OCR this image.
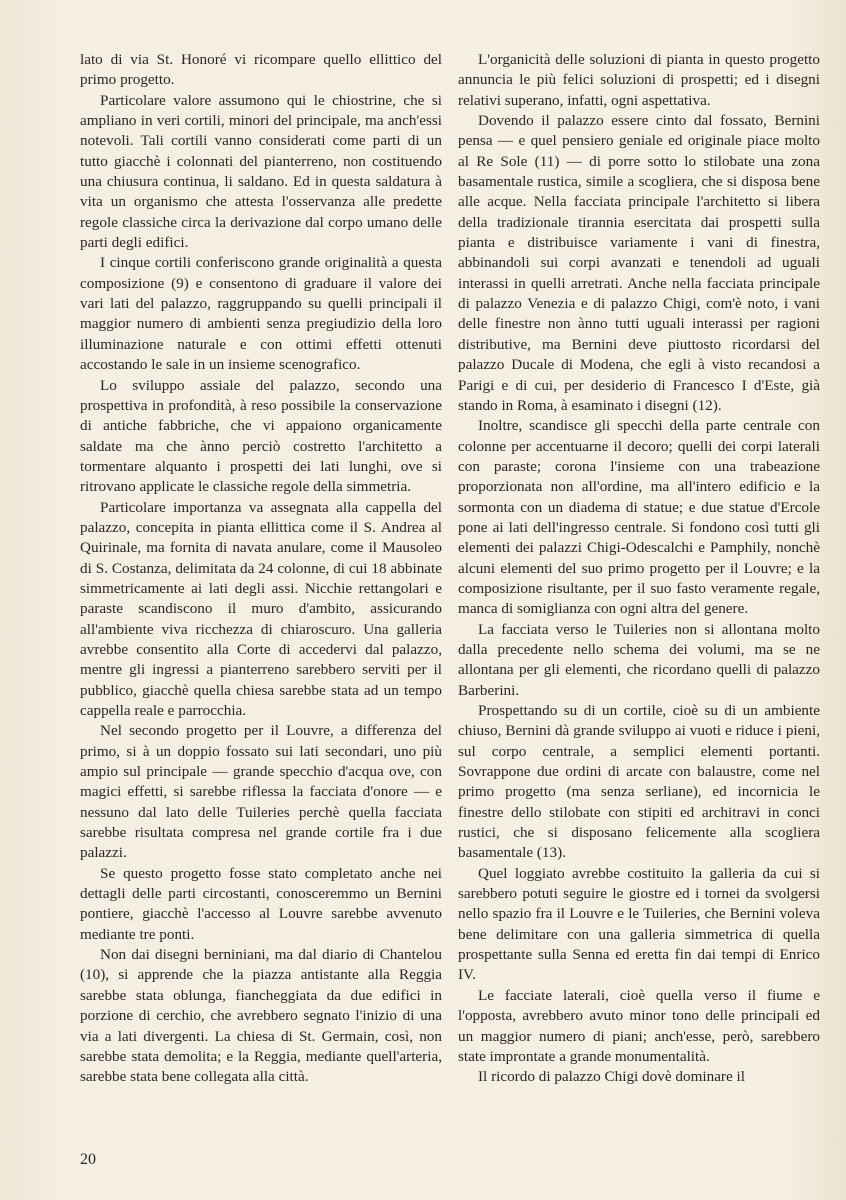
lato di via St. Honoré vi ricompare quello ellittico del primo progetto.

Particolare valore assumono qui le chiostrine, che si ampliano in veri cortili, minori del principale, ma anch'essi notevoli. Tali cortili vanno considerati come parti di un tutto giacchè i colonnati del pianterreno, non costituendo una chiusura continua, li saldano. Ed in questa saldatura à vita un organismo che attesta l'osservanza alle predette regole classiche circa la derivazione dal corpo umano delle parti degli edifici.

I cinque cortili conferiscono grande originalità a questa composizione (9) e consentono di graduare il valore dei vari lati del palazzo, raggruppando su quelli principali il maggior numero di ambienti senza pregiudizio della loro illuminazione naturale e con ottimi effetti ottenuti accostando le sale in un insieme scenografico.

Lo sviluppo assiale del palazzo, secondo una prospettiva in profondità, à reso possibile la conservazione di antiche fabbriche, che vi appaiono organicamente saldate ma che ànno perciò costretto l'architetto a tormentare alquanto i prospetti dei lati lunghi, ove si ritrovano applicate le classiche regole della simmetria.

Particolare importanza va assegnata alla cappella del palazzo, concepita in pianta ellittica come il S. Andrea al Quirinale, ma fornita di navata anulare, come il Mausoleo di S. Costanza, delimitata da 24 colonne, di cui 18 abbinate simmetricamente ai lati degli assi. Nicchie rettangolari e paraste scandiscono il muro d'ambito, assicurando all'ambiente viva ricchezza di chiaroscuro. Una galleria avrebbe consentito alla Corte di accedervi dal palazzo, mentre gli ingressi a pianterreno sarebbero serviti per il pubblico, giacchè quella chiesa sarebbe stata ad un tempo cappella reale e parrocchia.

Nel secondo progetto per il Louvre, a differenza del primo, si à un doppio fossato sui lati secondari, uno più ampio sul principale — grande specchio d'acqua ove, con magici effetti, si sarebbe riflessa la facciata d'onore — e nessuno dal lato delle Tuileries perchè quella facciata sarebbe risultata compresa nel grande cortile fra i due palazzi.

Se questo progetto fosse stato completato anche nei dettagli delle parti circostanti, conosceremmo un Bernini pontiere, giacchè l'accesso al Louvre sarebbe avvenuto mediante tre ponti.

Non dai disegni berniniani, ma dal diario di Chantelou (10), si apprende che la piazza antistante alla Reggia sarebbe stata oblunga, fiancheggiata da due edifici in porzione di cerchio, che avrebbero segnato l'inizio di una via a lati divergenti. La chiesa di St. Germain, così, non sarebbe stata demolita; e la Reggia, mediante quell'arteria, sarebbe stata bene collegata alla città.

L'organicità delle soluzioni di pianta in questo progetto annuncia le più felici soluzioni di prospetti; ed i disegni relativi superano, infatti, ogni aspettativa.

Dovendo il palazzo essere cinto dal fossato, Bernini pensa — e quel pensiero geniale ed originale piace molto al Re Sole (11) — di porre sotto lo stilobate una zona basamentale rustica, simile a scogliera, che si disposa bene alle acque. Nella facciata principale l'architetto si libera della tradizionale tirannia esercitata dai prospetti sulla pianta e distribuisce variamente i vani di finestra, abbinandoli sui corpi avanzati e tenendoli ad uguali interassi in quelli arretrati. Anche nella facciata principale di palazzo Venezia e di palazzo Chigi, com'è noto, i vani delle finestre non ànno tutti uguali interassi per ragioni distributive, ma Bernini deve piuttosto ricordarsi del palazzo Ducale di Modena, che egli à visto recandosi a Parigi e di cui, per desiderio di Francesco I d'Este, già stando in Roma, à esaminato i disegni (12).

Inoltre, scandisce gli specchi della parte centrale con colonne per accentuarne il decoro; quelli dei corpi laterali con paraste; corona l'insieme con una trabeazione proporzionata non all'ordine, ma all'intero edificio e la sormonta con un diadema di statue; e due statue d'Ercole pone ai lati dell'ingresso centrale. Si fondono così tutti gli elementi dei palazzi Chigi-Odescalchi e Pamphily, nonchè alcuni elementi del suo primo progetto per il Louvre; e la composizione risultante, per il suo fasto veramente regale, manca di somiglianza con ogni altra del genere.

La facciata verso le Tuileries non si allontana molto dalla precedente nello schema dei volumi, ma se ne allontana per gli elementi, che ricordano quelli di palazzo Barberini.

Prospettando su di un cortile, cioè su di un ambiente chiuso, Bernini dà grande sviluppo ai vuoti e riduce i pieni, sul corpo centrale, a semplici elementi portanti. Sovrappone due ordini di arcate con balaustre, come nel primo progetto (ma senza serliane), ed incornicia le finestre dello stilobate con stipiti ed architravi in conci rustici, che si disposano felicemente alla scogliera basamentale (13).

Quel loggiato avrebbe costituito la galleria da cui si sarebbero potuti seguire le giostre ed i tornei da svolgersi nello spazio fra il Louvre e le Tuileries, che Bernini voleva bene delimitare con una galleria simmetrica di quella prospettante sulla Senna ed eretta fin dai tempi di Enrico IV.

Le facciate laterali, cioè quella verso il fiume e l'opposta, avrebbero avuto minor tono delle principali ed un maggior numero di piani; anch'esse, però, sarebbero state improntate a grande monumentalità.

Il ricordo di palazzo Chigi dovè dominare il

20
